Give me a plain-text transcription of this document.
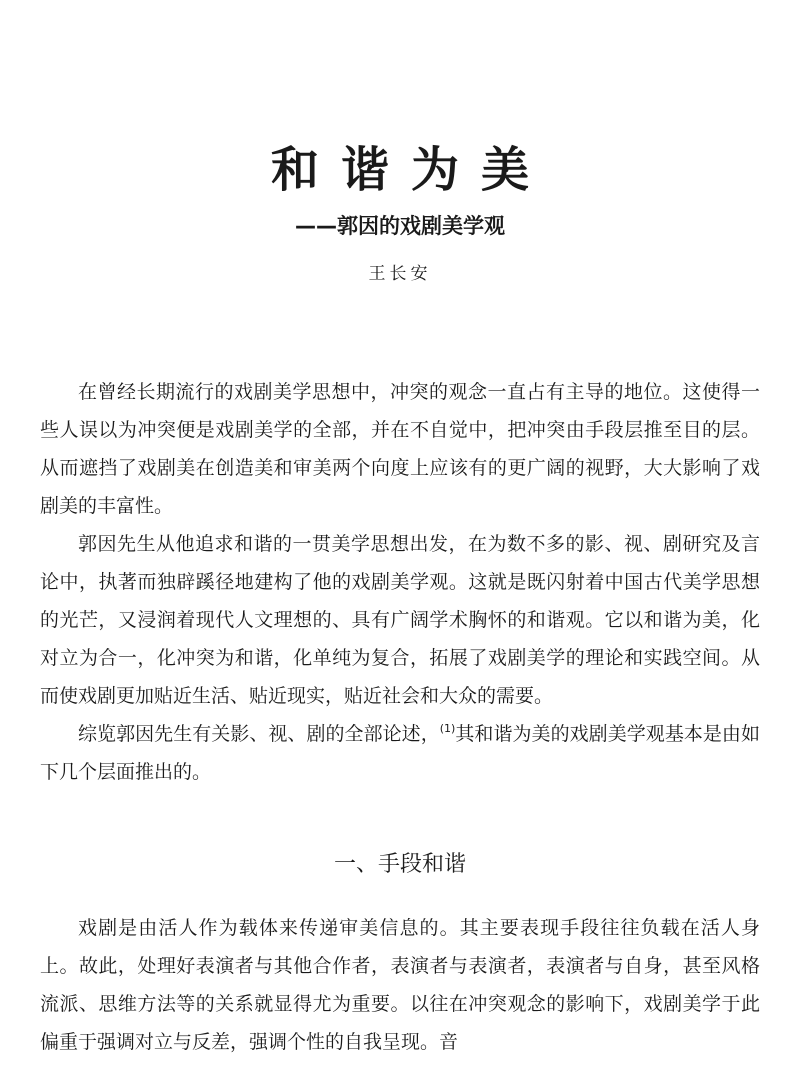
和谐为美
——郭因的戏剧美学观
王长安

在曾经长期流行的戏剧美学思想中，冲突的观念一直占有主导的地位。这使得一些人误以为冲突便是戏剧美学的全部，并在不自觉中，把冲突由手段层推至目的层。从而遮挡了戏剧美在创造美和审美两个向度上应该有的更广阔的视野，大大影响了戏剧美的丰富性。

郭因先生从他追求和谐的一贯美学思想出发，在为数不多的影、视、剧研究及言论中，执著而独辟蹊径地建构了他的戏剧美学观。这就是既闪射着中国古代美学思想的光芒，又浸润着现代人文理想的、具有广阔学术胸怀的和谐观。它以和谐为美，化对立为合一，化冲突为和谐，化单纯为复合，拓展了戏剧美学的理论和实践空间。从而使戏剧更加贴近生活、贴近现实，贴近社会和大众的需要。

综览郭因先生有关影、视、剧的全部论述，$^{(1)}$其和谐为美的戏剧美学观基本是由如下几个层面推出的。

一、手段和谐

戏剧是由活人作为载体来传递审美信息的。其主要表现手段往往负载在活人身上。故此，处理好表演者与其他合作者，表演者与表演者，表演者与自身，甚至风格流派、思维方法等的关系就显得尤为重要。以往在冲突观念的影响下，戏剧美学于此偏重于强调对立与反差，强调个性的自我呈现。音
